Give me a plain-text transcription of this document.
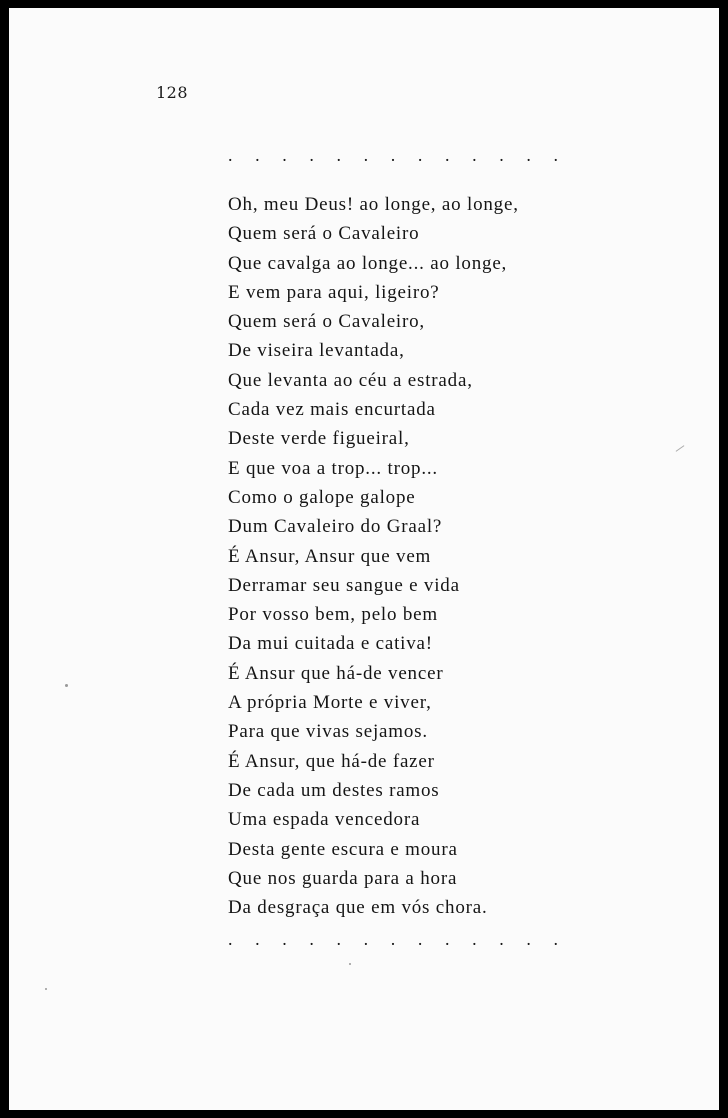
128
. . . . . . . . . . . . .
Oh, meu Deus! ao longe, ao longe,
Quem será o Cavaleiro
Que cavalga ao longe... ao longe,
E vem para aqui, ligeiro?
Quem será o Cavaleiro,
De viseira levantada,
Que levanta ao céu a estrada,
Cada vez mais encurtada
Deste verde figueiral,
E que voa a trop... trop...
Como o galope galope
Dum Cavaleiro do Graal?
É Ansur, Ansur que vem
Derramar seu sangue e vida
Por vosso bem, pelo bem
Da mui cuitada e cativa!
É Ansur que há-de vencer
A própria Morte e viver,
Para que vivas sejamos.
É Ansur, que há-de fazer
De cada um destes ramos
Uma espada vencedora
Desta gente escura e moura
Que nos guarda para a hora
Da desgraça que em vós chora.
. . . . . . . . . . . . .
